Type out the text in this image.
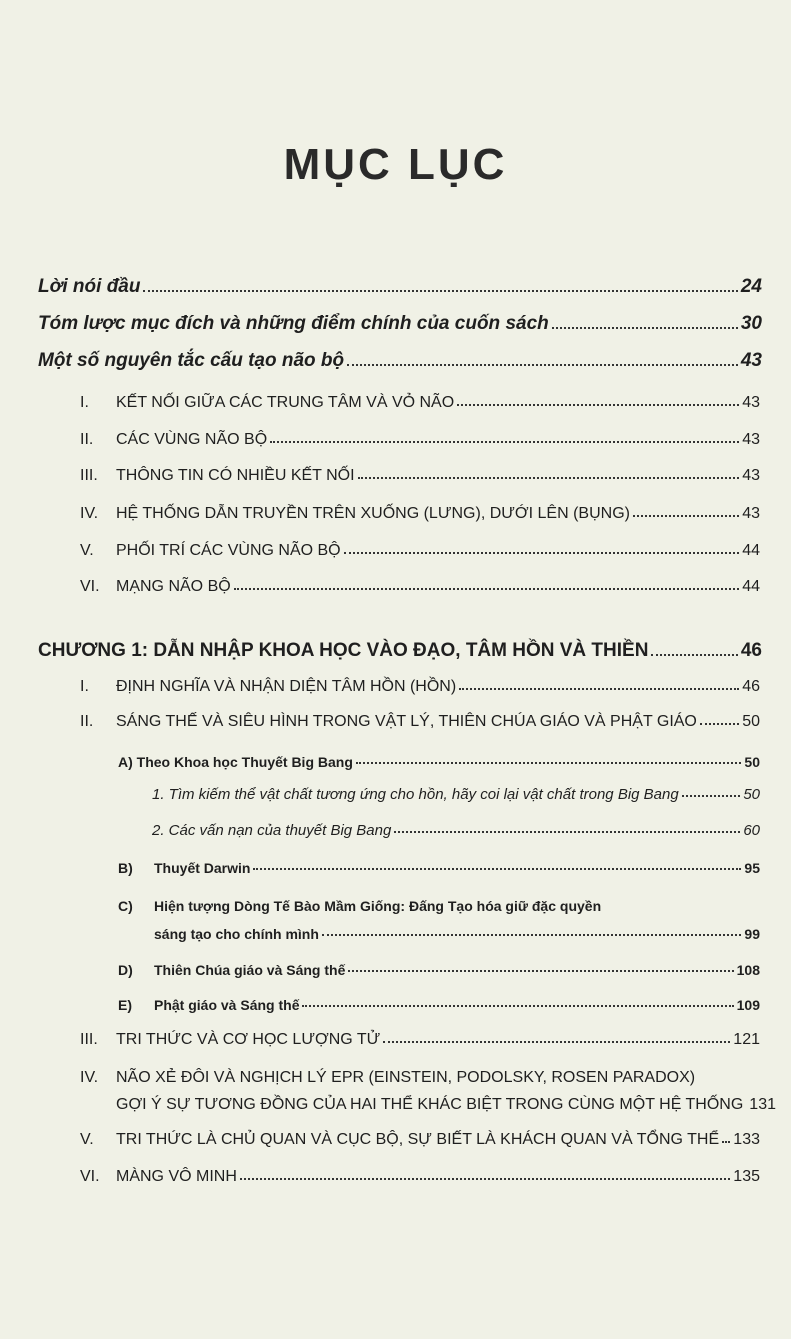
MỤC LỤC
Lời nói đầu	24
Tóm lược mục đích và những điểm chính của cuốn sách	30
Một số nguyên tắc cấu tạo não bộ	43
I.	KẾT NỐI GIỮA CÁC TRUNG TÂM VÀ VỎ NÃO	43
II.	CÁC VÙNG NÃO BỘ	43
III.	THÔNG TIN CÓ NHIỀU KẾT NỐI	43
IV.	HỆ THỐNG DẪN TRUYỀN TRÊN XUỐNG (LƯNG), DƯỚI LÊN (BỤNG)	43
V.	PHỐI TRÍ CÁC VÙNG NÃO BỘ	44
VI.	MẠNG NÃO BỘ	44
CHƯƠNG 1: DẪN NHẬP KHOA HỌC VÀO ĐẠO, TÂM HỒN VÀ THIỀN	46
I.	ĐỊNH NGHĨA VÀ NHẬN DIỆN TÂM HỒN (HỒN)	46
II.	SÁNG THẾ VÀ SIÊU HÌNH TRONG VẬT LÝ, THIÊN CHÚA GIÁO VÀ PHẬT GIÁO	50
A) Theo Khoa học Thuyết Big Bang	50
1. Tìm kiếm thể vật chất tương ứng cho hồn, hãy coi lại vật chất trong Big Bang	50
2. Các vấn nạn của thuyết Big Bang	60
B)	Thuyết Darwin	95
C) Hiện tượng Dòng Tế Bào Mầm Giống: Đấng Tạo hóa giữ đặc quyền
sáng tạo cho chính mình	99
D)	Thiên Chúa giáo và Sáng thế	108
E)	Phật giáo và Sáng thế	109
III.	TRI THỨC VÀ CƠ HỌC LƯỢNG TỬ	121
IV. NÃO XẺ ĐÔI VÀ NGHỊCH LÝ EPR (EINSTEIN, PODOLSKY, ROSEN PARADOX)
GỢI Ý SỰ TƯƠNG ĐỒNG CỦA HAI THỂ KHÁC BIỆT TRONG CÙNG MỘT HỆ THỐNG 131
V.	TRI THỨC LÀ CHỦ QUAN VÀ CỤC BỘ, SỰ BIẾT LÀ KHÁCH QUAN VÀ TỔNG THỂ 133
VI.	MÀNG VÔ MINH	135
